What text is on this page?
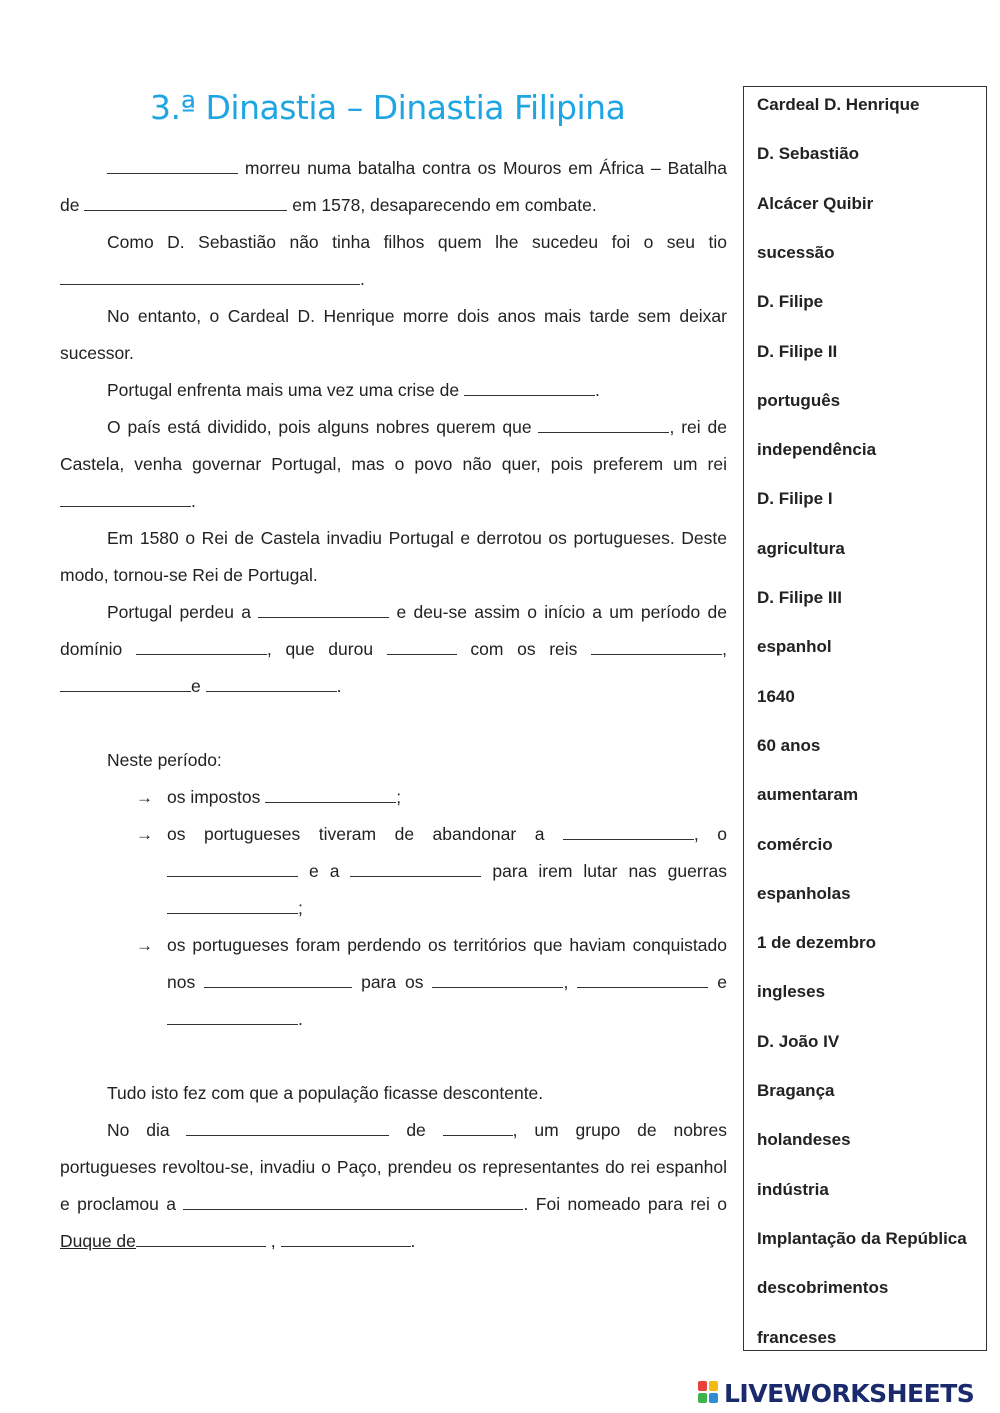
3.ª Dinastia – Dinastia Filipina

morreu numa batalha contra os Mouros em África – Batalha de	em 1578, desaparecendo em combate.

Como D. Sebastião não tinha filhos quem lhe sucedeu foi o seu tio .

No entanto, o Cardeal D. Henrique morre dois anos mais tarde sem deixar sucessor.

Portugal enfrenta mais uma vez uma crise de	.

O país está dividido, pois alguns nobres querem que	, rei de Castela, venha governar Portugal, mas o povo não quer, pois preferem um rei .

Em 1580 o Rei de Castela invadiu Portugal e derrotou os portugueses. Deste modo, tornou-se Rei de Portugal.

Portugal perdeu a	e deu-se assim o início a um período de domínio	, que durou	com os reis	, e	.

Neste período:

→ os impostos	;
→ os portugueses tiveram de abandonar a	, o  e a	para irem lutar nas guerras ;
→ os portugueses foram perdendo os territórios que haviam conquistado nos	para os	,	e .

Tudo isto fez com que a população ficasse descontente.

No dia	de	, um grupo de nobres portugueses revoltou-se, invadiu o Paço, prendeu os representantes do rei espanhol e proclamou a	. Foi nomeado para rei o Duque de	,	.

Cardeal D. Henrique
D. Sebastião
Alcácer Quibir
sucessão
D. Filipe
D. Filipe II
português
independência
D. Filipe I
agricultura
D. Filipe III
espanhol
1640
60 anos
aumentaram
comércio
espanholas
1 de dezembro
ingleses
D. João IV
Bragança
holandeses
indústria
Implantação da República
descobrimentos
franceses
LIVEWORKSHEETS
